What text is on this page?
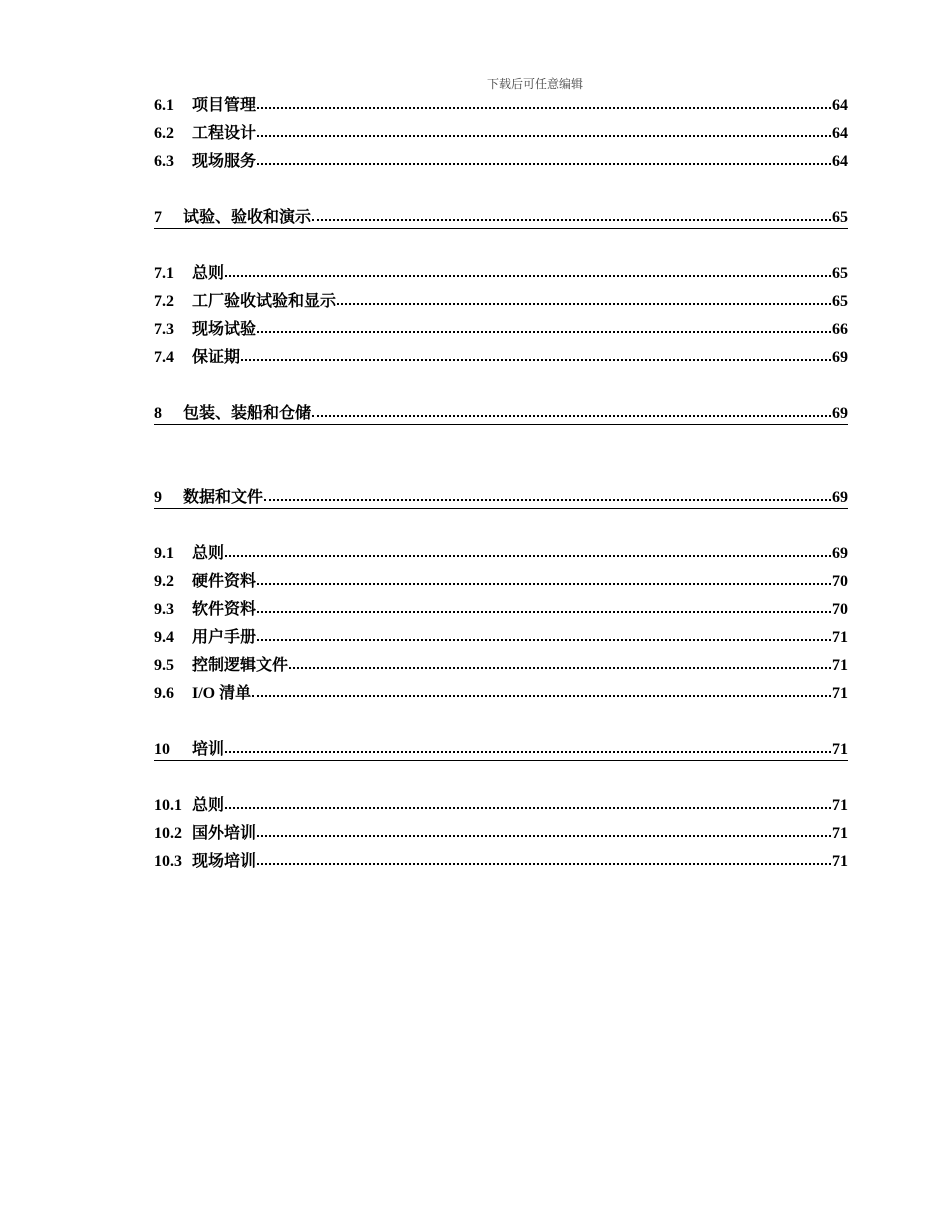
下载后可任意编辑
6.1	项目管理	64
6.2	工程设计	64
6.3	现场服务	64
7	试验、验收和演示	65
7.1	总则	65
7.2	工厂验收试验和显示	65
7.3	现场试验	66
7.4	保证期	69
8	包装、装船和仓储	69
9	数据和文件	69
9.1	总则	69
9.2	硬件资料	70
9.3	软件资料	70
9.4	用户手册	71
9.5	控制逻辑文件	71
9.6	I/O 清单	71
10	培训	71
10.1 总则	71
10.2 国外培训	71
10.3 现场培训	71
